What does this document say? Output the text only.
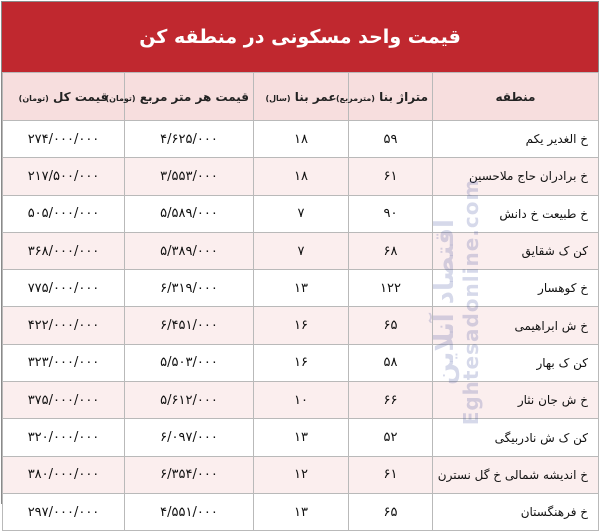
قیمت واحد مسکونی در منطقه کن
منطقه	متراژ بنا (مترمربع)	عمر بنا (سال)	قیمت هر متر مربع (تومان)	قیمت کل (تومان)
خ الغدیر یکم	۵۹	۱۸	۴/۶۲۵/۰۰۰	۲۷۴/۰۰۰/۰۰۰
خ برادران حاج ملاحسین	۶۱	۱۸	۳/۵۵۳/۰۰۰	۲۱۷/۵۰۰/۰۰۰
خ طبیعت خ دانش	۹۰	۷	۵/۵۸۹/۰۰۰	۵۰۵/۰۰۰/۰۰۰
کن ک شقایق	۶۸	۷	۵/۳۸۹/۰۰۰	۳۶۸/۰۰۰/۰۰۰
خ کوهسار	۱۲۲	۱۳	۶/۳۱۹/۰۰۰	۷۷۵/۰۰۰/۰۰۰
خ ش ابراهیمی	۶۵	۱۶	۶/۴۵۱/۰۰۰	۴۲۲/۰۰۰/۰۰۰
کن ک بهار	۵۸	۱۶	۵/۵۰۳/۰۰۰	۳۲۳/۰۰۰/۰۰۰
خ ش جان نثار	۶۶	۱۰	۵/۶۱۲/۰۰۰	۳۷۵/۰۰۰/۰۰۰
کن ک ش نادربیگی	۵۲	۱۳	۶/۰۹۷/۰۰۰	۳۲۰/۰۰۰/۰۰۰
خ اندیشه شمالی خ گل نسترن	۶۱	۱۲	۶/۳۵۴/۰۰۰	۳۸۰/۰۰۰/۰۰۰
خ فرهنگستان	۶۵	۱۳	۴/۵۵۱/۰۰۰	۲۹۷/۰۰۰/۰۰۰
اقتصاد آنلاین Eghtesadonline.com
